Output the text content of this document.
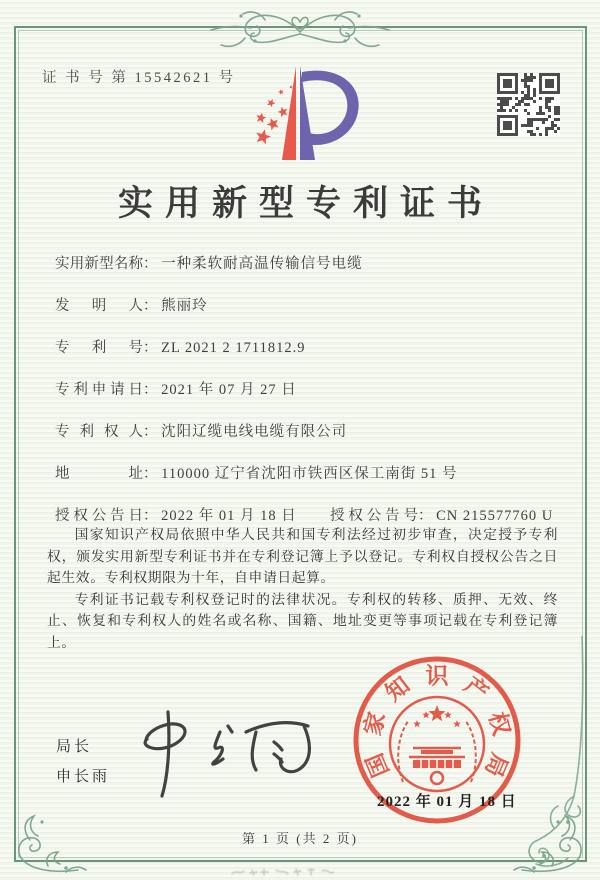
证 书 号 第 15542621 号
实用新型专利证书
实用新型名称： 一种柔软耐高温传输信号电缆
发明人： 熊丽玲
专利号： ZL 2021 2 1711812.9
专利申请日： 2021 年 07 月 27 日
专利权人： 沈阳辽缆电线电缆有限公司
地址： 110000 辽宁省沈阳市铁西区保工南街 51 号
授权公告日： 2022 年 01 月 18 日 授权公告号： CN 215577760 U

国家知识产权局依照中华人民共和国专利法经过初步审查，决定授予专利权，颁发实用新型专利证书并在专利登记簿上予以登记。专利权自授权公告之日起生效。专利权期限为十年，自申请日起算。

专利证书记载专利权登记时的法律状况。专利权的转移、质押、无效、终止、恢复和专利权人的姓名或名称、国籍、地址变更等事项记载在专利登记簿上。

局长
申长雨	国
家
知 识 产
权
局
2022 年 01 月 18 日
第 1 页 (共 2 页)
